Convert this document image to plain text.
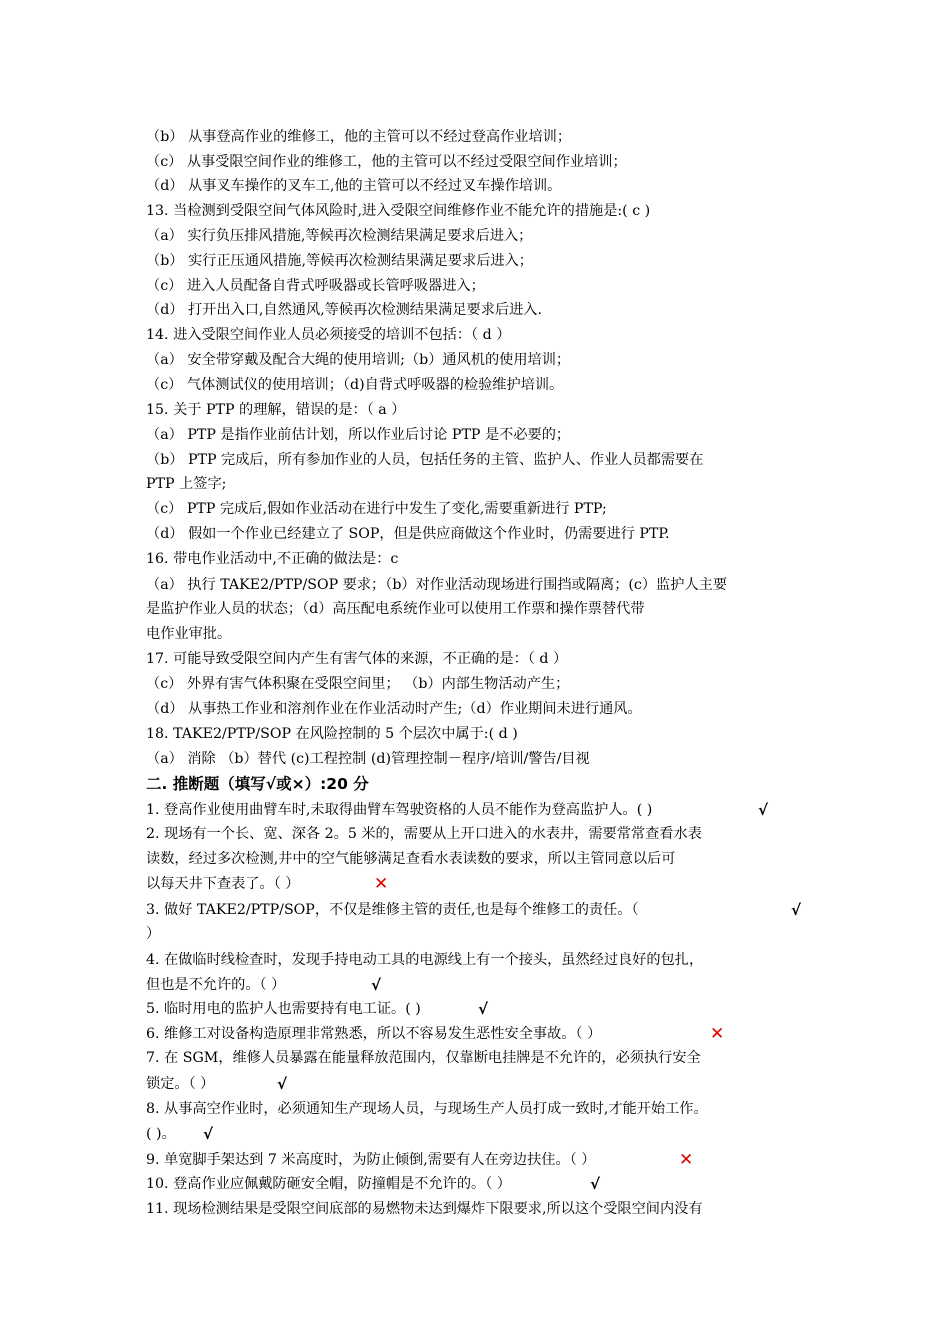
（b） 从事登高作业的维修工，他的主管可以不经过登高作业培训；
（c） 从事受限空间作业的维修工，他的主管可以不经过受限空间作业培训；
（d） 从事叉车操作的叉车工,他的主管可以不经过叉车操作培训。
13. 当检测到受限空间气体风险时,进入受限空间维修作业不能允许的措施是:( c )
（a） 实行负压排风措施,等候再次检测结果满足要求后进入；
（b） 实行正压通风措施,等候再次检测结果满足要求后进入；
（c） 进入人员配备自背式呼吸器或长管呼吸器进入；
（d） 打开出入口,自然通风,等候再次检测结果满足要求后进入.
14. 进入受限空间作业人员必须接受的培训不包括：（ d ）
（a） 安全带穿戴及配合大绳的使用培训;（b）通风机的使用培训；
（c） 气体测试仪的使用培训；（d)自背式呼吸器的检验维护培训。
15. 关于 PTP 的理解，错误的是：（ a ）
（a） PTP 是指作业前估计划，所以作业后讨论 PTP 是不必要的；
（b） PTP 完成后，所有参加作业的人员，包括任务的主管、监护人、作业人员都需要在
PTP 上签字;
（c） PTP 完成后,假如作业活动在进行中发生了变化,需要重新进行 PTP;
（d） 假如一个作业已经建立了 SOP，但是供应商做这个作业时，仍需要进行 PTP.
16. 带电作业活动中,不正确的做法是：c
（a） 执行 TAKE2/PTP/SOP 要求；（b）对作业活动现场进行围挡或隔离；(c）监护人主要
是监护作业人员的状态；（d）高压配电系统作业可以使用工作票和操作票替代带
电作业审批。
17. 可能导致受限空间内产生有害气体的来源，不正确的是：（ d ）
（c） 外界有害气体积聚在受限空间里； （b）内部生物活动产生；
（d） 从事热工作业和溶剂作业在作业活动时产生;（d）作业期间未进行通风。
18. TAKE2/PTP/SOP 在风险控制的 5 个层次中属于:( d )
（a） 消除 （b）替代 (c)工程控制 (d)管理控制－程序/培训/警告/目视
二. 推断题（填写√或×）:20 分
1. 登高作业使用曲臂车时,未取得曲臂车驾驶资格的人员不能作为登高监护人。( )
2. 现场有一个长、宽、深各 2。5 米的，需要从上开口进入的水表井，需要常常查看水表
读数，经过多次检测,井中的空气能够满足查看水表读数的要求，所以主管同意以后可
以每天井下查表了。（ ）
3. 做好 TAKE2/PTP/SOP，不仅是维修主管的责任,也是每个维修工的责任。（
）
4. 在做临时线检查时，发现手持电动工具的电源线上有一个接头，虽然经过良好的包扎，
但也是不允许的。（ ）
5. 临时用电的监护人也需要持有电工证。( )
6. 维修工对设备构造原理非常熟悉，所以不容易发生恶性安全事故。（ ）
7. 在 SGM，维修人员暴露在能量释放范围内，仅靠断电挂牌是不允许的，必须执行安全
锁定。（ ）
8. 从事高空作业时，必须通知生产现场人员，与现场生产人员打成一致时,才能开始工作。
( )。
9. 单宽脚手架达到 7 米高度时，为防止倾倒,需要有人在旁边扶住。（ ）
10. 登高作业应佩戴防砸安全帽，防撞帽是不允许的。（ ）
11. 现场检测结果是受限空间底部的易燃物未达到爆炸下限要求,所以这个受限空间内没有
√
✕
√
√
√
✕
√
√
✕
√
